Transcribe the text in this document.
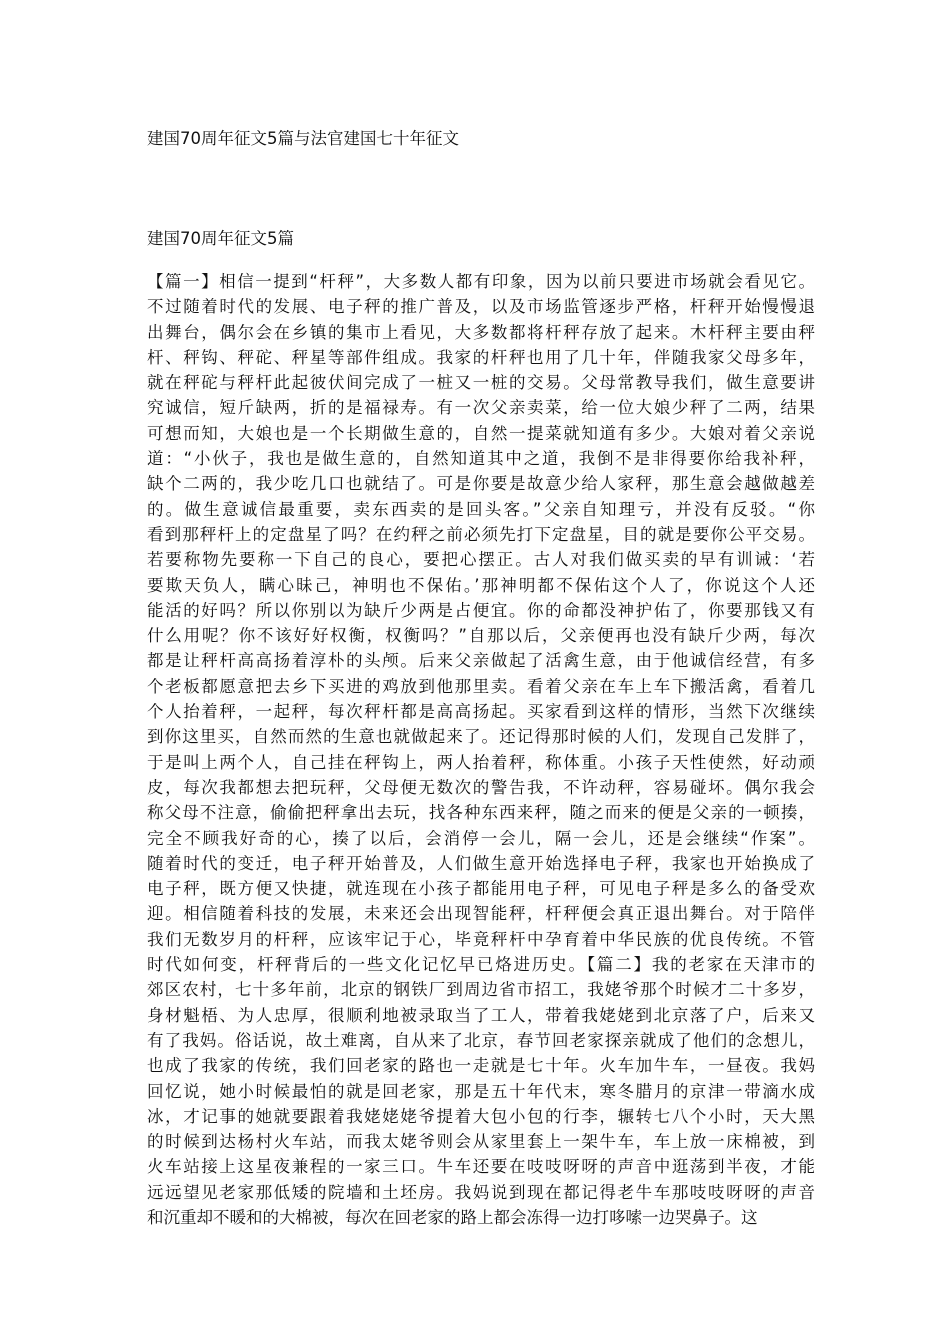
建国70周年征文5篇与法官建国七十年征文
建国70周年征文5篇
【篇一】相信一提到“杆秤”，大多数人都有印象，因为以前只要进市场就会看见它。
不过随着时代的发展、电子秤的推广普及，以及市场监管逐步严格，杆秤开始慢慢退
出舞台，偶尔会在乡镇的集市上看见，大多数都将杆秤存放了起来。木杆秤主要由秤
杆、秤钩、秤砣、秤星等部件组成。我家的杆秤也用了几十年，伴随我家父母多年，
就在秤砣与秤杆此起彼伏间完成了一桩又一桩的交易。父母常教导我们，做生意要讲
究诚信，短斤缺两，折的是福禄寿。有一次父亲卖菜，给一位大娘少秤了二两，结果
可想而知，大娘也是一个长期做生意的，自然一提菜就知道有多少。大娘对着父亲说
道：“小伙子，我也是做生意的，自然知道其中之道，我倒不是非得要你给我补秤，
缺个二两的，我少吃几口也就结了。可是你要是故意少给人家秤，那生意会越做越差
的。做生意诚信最重要，卖东西卖的是回头客。”父亲自知理亏，并没有反驳。“你
看到那秤杆上的定盘星了吗？在约秤之前必须先打下定盘星，目的就是要你公平交易。
若要称物先要称一下自己的良心，要把心摆正。古人对我们做买卖的早有训诫：‘若
要欺天负人，瞒心昧己，神明也不保佑。’那神明都不保佑这个人了，你说这个人还
能活的好吗？所以你别以为缺斤少两是占便宜。你的命都没神护佑了，你要那钱又有
什么用呢？你不该好好权衡，权衡吗？”自那以后，父亲便再也没有缺斤少两，每次
都是让秤杆高高扬着淳朴的头颅。后来父亲做起了活禽生意，由于他诚信经营，有多
个老板都愿意把去乡下买进的鸡放到他那里卖。看着父亲在车上车下搬活禽，看着几
个人抬着秤，一起秤，每次秤杆都是高高扬起。买家看到这样的情形，当然下次继续
到你这里买，自然而然的生意也就做起来了。还记得那时候的人们，发现自己发胖了，
于是叫上两个人，自己挂在秤钩上，两人抬着秤，称体重。小孩子天性使然，好动顽
皮，每次我都想去把玩秤，父母便无数次的警告我，不许动秤，容易碰坏。偶尔我会
称父母不注意，偷偷把秤拿出去玩，找各种东西来秤，随之而来的便是父亲的一顿揍，
完全不顾我好奇的心，揍了以后，会消停一会儿，隔一会儿，还是会继续“作案”。
随着时代的变迁，电子秤开始普及，人们做生意开始选择电子秤，我家也开始换成了
电子秤，既方便又快捷，就连现在小孩子都能用电子秤，可见电子秤是多么的备受欢
迎。相信随着科技的发展，未来还会出现智能秤，杆秤便会真正退出舞台。对于陪伴
我们无数岁月的杆秤，应该牢记于心，毕竟秤杆中孕育着中华民族的优良传统。不管
时代如何变，杆秤背后的一些文化记忆早已烙进历史。【篇二】我的老家在天津市的
郊区农村，七十多年前，北京的钢铁厂到周边省市招工，我姥爷那个时候才二十多岁，
身材魁梧、为人忠厚，很顺利地被录取当了工人，带着我姥姥到北京落了户，后来又
有了我妈。俗话说，故土难离，自从来了北京，春节回老家探亲就成了他们的念想儿，
也成了我家的传统，我们回老家的路也一走就是七十年。火车加牛车，一昼夜。我妈
回忆说，她小时候最怕的就是回老家，那是五十年代末，寒冬腊月的京津一带滴水成
冰，才记事的她就要跟着我姥姥姥爷提着大包小包的行李，辗转七八个小时，天大黑
的时候到达杨村火车站，而我太姥爷则会从家里套上一架牛车，车上放一床棉被，到
火车站接上这星夜兼程的一家三口。牛车还要在吱吱呀呀的声音中逛荡到半夜，才能
远远望见老家那低矮的院墙和土坯房。我妈说到现在都记得老牛车那吱吱呀呀的声音
和沉重却不暖和的大棉被，每次在回老家的路上都会冻得一边打哆嗦一边哭鼻子。这
